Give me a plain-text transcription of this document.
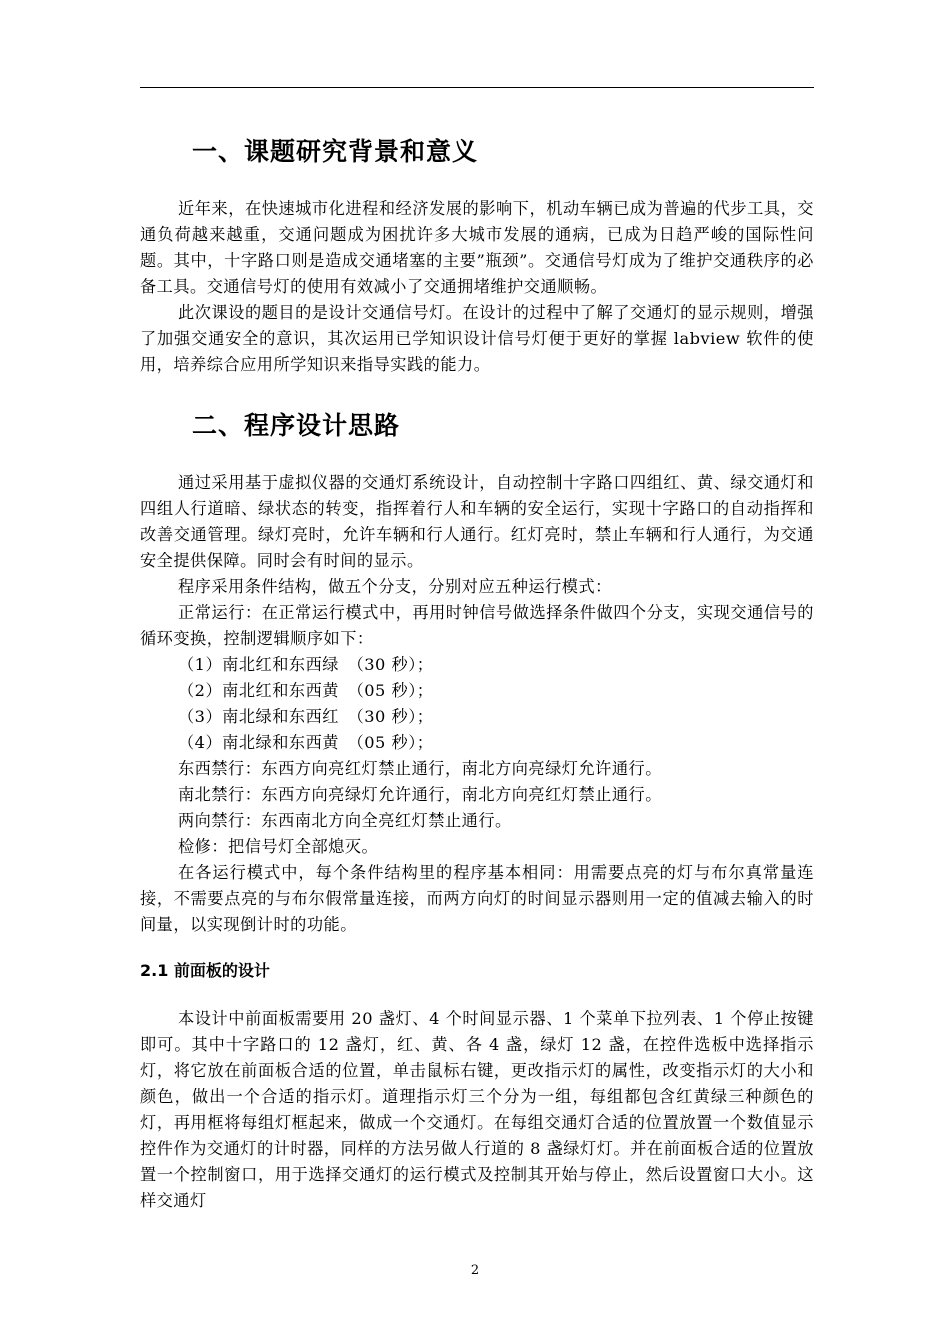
一、课题研究背景和意义

近年来，在快速城市化进程和经济发展的影响下，机动车辆已成为普遍的代步工具，交通负荷越来越重，交通问题成为困扰许多大城市发展的通病，已成为日趋严峻的国际性问题。其中，十字路口则是造成交通堵塞的主要”瓶颈”。交通信号灯成为了维护交通秩序的必备工具。交通信号灯的使用有效减小了交通拥堵维护交通顺畅。

此次课设的题目的是设计交通信号灯。在设计的过程中了解了交通灯的显示规则，增强了加强交通安全的意识，其次运用已学知识设计信号灯便于更好的掌握 labview 软件的使用，培养综合应用所学知识来指导实践的能力。

二、程序设计思路

通过采用基于虚拟仪器的交通灯系统设计，自动控制十字路口四组红、黄、绿交通灯和四组人行道暗、绿状态的转变，指挥着行人和车辆的安全运行，实现十字路口的自动指挥和改善交通管理。绿灯亮时，允许车辆和行人通行。红灯亮时，禁止车辆和行人通行，为交通安全提供保障。同时会有时间的显示。

程序采用条件结构，做五个分支，分别对应五种运行模式：

正常运行：在正常运行模式中，再用时钟信号做选择条件做四个分支，实现交通信号的循环变换，控制逻辑顺序如下：

（1）南北红和东西绿　（30 秒）；

（2）南北红和东西黄　（05 秒）；

（3）南北绿和东西红　（30 秒）；

（4）南北绿和东西黄　（05 秒）；

东西禁行：东西方向亮红灯禁止通行，南北方向亮绿灯允许通行。

南北禁行：东西方向亮绿灯允许通行，南北方向亮红灯禁止通行。

两向禁行：东西南北方向全亮红灯禁止通行。

检修：把信号灯全部熄灭。

在各运行模式中，每个条件结构里的程序基本相同：用需要点亮的灯与布尔真常量连接，不需要点亮的与布尔假常量连接，而两方向灯的时间显示器则用一定的值减去输入的时间量，以实现倒计时的功能。

2.1 前面板的设计

本设计中前面板需要用 20 盏灯、4 个时间显示器、1 个菜单下拉列表、1 个停止按键即可。其中十字路口的 12 盏灯，红、黄、各 4 盏，绿灯 12 盏，在控件选板中选择指示灯，将它放在前面板合适的位置，单击鼠标右键，更改指示灯的属性，改变指示灯的大小和颜色，做出一个合适的指示灯。道理指示灯三个分为一组，每组都包含红黄绿三种颜色的灯，再用框将每组灯框起来，做成一个交通灯。在每组交通灯合适的位置放置一个数值显示控件作为交通灯的计时器，同样的方法另做人行道的 8 盏绿灯灯。并在前面板合适的位置放置一个控制窗口，用于选择交通灯的运行模式及控制其开始与停止，然后设置窗口大小。这样交通灯

2
